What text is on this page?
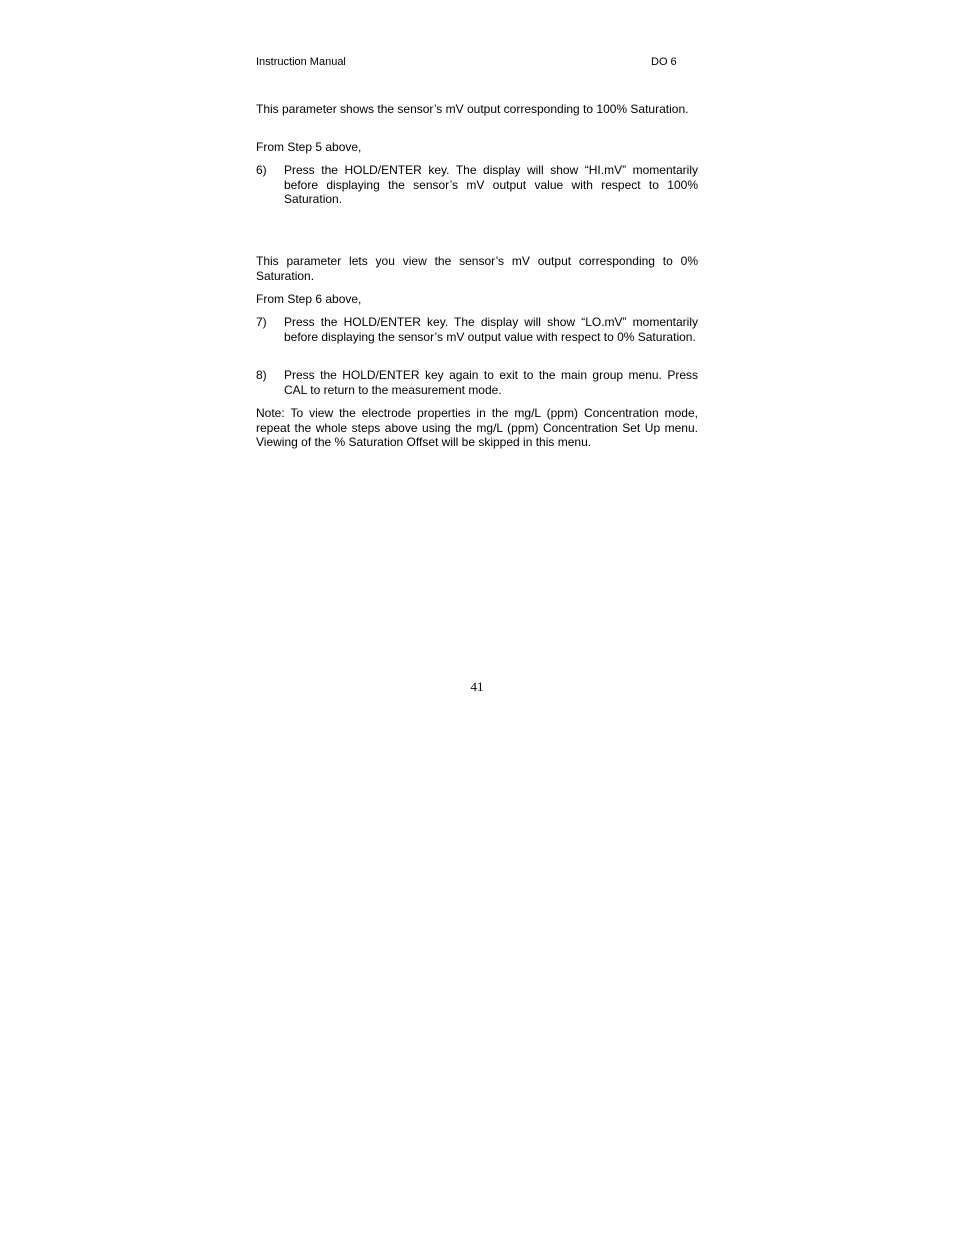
Instruction Manual	DO 6
This parameter shows the sensor’s mV output corresponding to 100% Saturation.
From Step 5 above,
6)	Press the HOLD/ENTER key. The display will show “HI.mV” momentarily before displaying the sensor’s mV output value with respect to 100% Saturation.
This parameter lets you view the sensor’s mV output corresponding to 0% Saturation.
From Step 6 above,
7)	Press the HOLD/ENTER key. The display will show “LO.mV” momentarily before displaying the sensor’s mV output value with respect to 0% Saturation.
8)	Press the HOLD/ENTER key again to exit to the main group menu. Press CAL to return to the measurement mode.
Note: To view the electrode properties in the mg/L (ppm) Concentration mode, repeat the whole steps above using the mg/L (ppm) Concentration Set Up menu. Viewing of the % Saturation Offset will be skipped in this menu.
41
